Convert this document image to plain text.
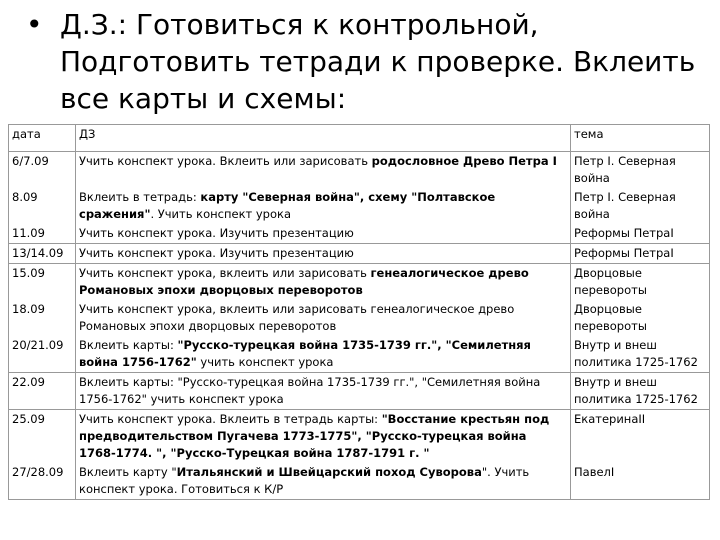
• Д.З.: Готовиться к контрольной,
Подготовить тетради к проверке. Вклеить
все карты и схемы:
дата	ДЗ	тема
6/7.09	Учить конспект урока. Вклеить или зарисовать родословное Древо Петра I	Петр I. Северная война
8.09	Вклеить в тетрадь: карту "Северная война", схему "Полтавское сражения". Учить конспект урока	Петр I. Северная война
11.09	Учить конспект урока. Изучить презентацию	Реформы ПетраI
13/14.09	Учить конспект урока. Изучить презентацию	Реформы ПетраI
15.09	Учить конспект урока, вклеить или зарисовать генеалогическое древо Романовых эпохи дворцовых переворотов	Дворцовые перевороты
18.09	Учить конспект урока, вклеить или зарисовать генеалогическое древо Романовых эпохи дворцовых переворотов	Дворцовые перевороты
20/21.09	Вклеить карты: "Русско-турецкая война 1735-1739 гг.", "Семилетняя война 1756-1762" учить конспект урока	Внутр и внеш политика 1725-1762
22.09	Вклеить карты: "Русско-турецкая война 1735-1739 гг.", "Семилетняя война 1756-1762" учить конспект урока	Внутр и внеш политика 1725-1762
25.09	Учить конспект урока. Вклеить в тетрадь карты: "Восстание крестьян под предводительством Пугачева 1773-1775", "Русско-турецкая война 1768-1774. ", "Русско-Турецкая война 1787-1791 г. "	ЕкатеринаII
27/28.09	Вклеить карту "Итальянский и Швейцарский поход Суворова". Учить конспект урока. Готовиться к К/Р	ПавелI
